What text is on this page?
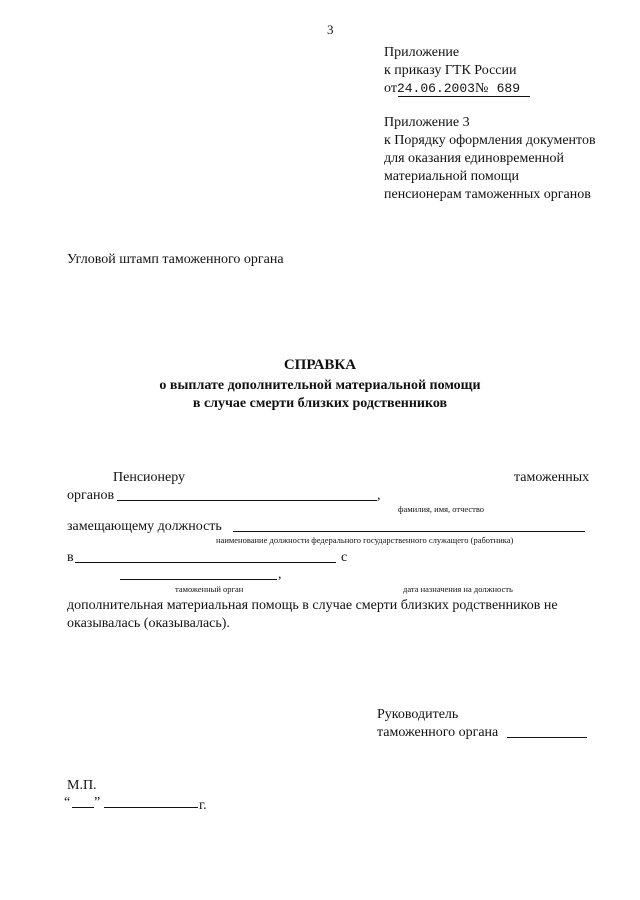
3
Приложение
к приказу ГТК России
от24.06.2003№ 689
Приложение 3
к Порядку оформления документов
для оказания единовременной
материальной помощи
пенсионерам таможенных органов
Угловой штамп таможенного органа
СПРАВКА
о выплате дополнительной материальной помощи
в случае смерти близких родственников
Пенсионеру	таможенных
органов	,
фамилия, имя, отчество
замещающему должность
наименование должности федерального государственного служащего (работника)
в	с
,
таможенный орган	дата назначения на должность
дополнительная материальная помощь в случае смерти близких родственников не
оказывалась (оказывалась).
Руководитель
таможенного органа
М.П.
“ ”	г.
